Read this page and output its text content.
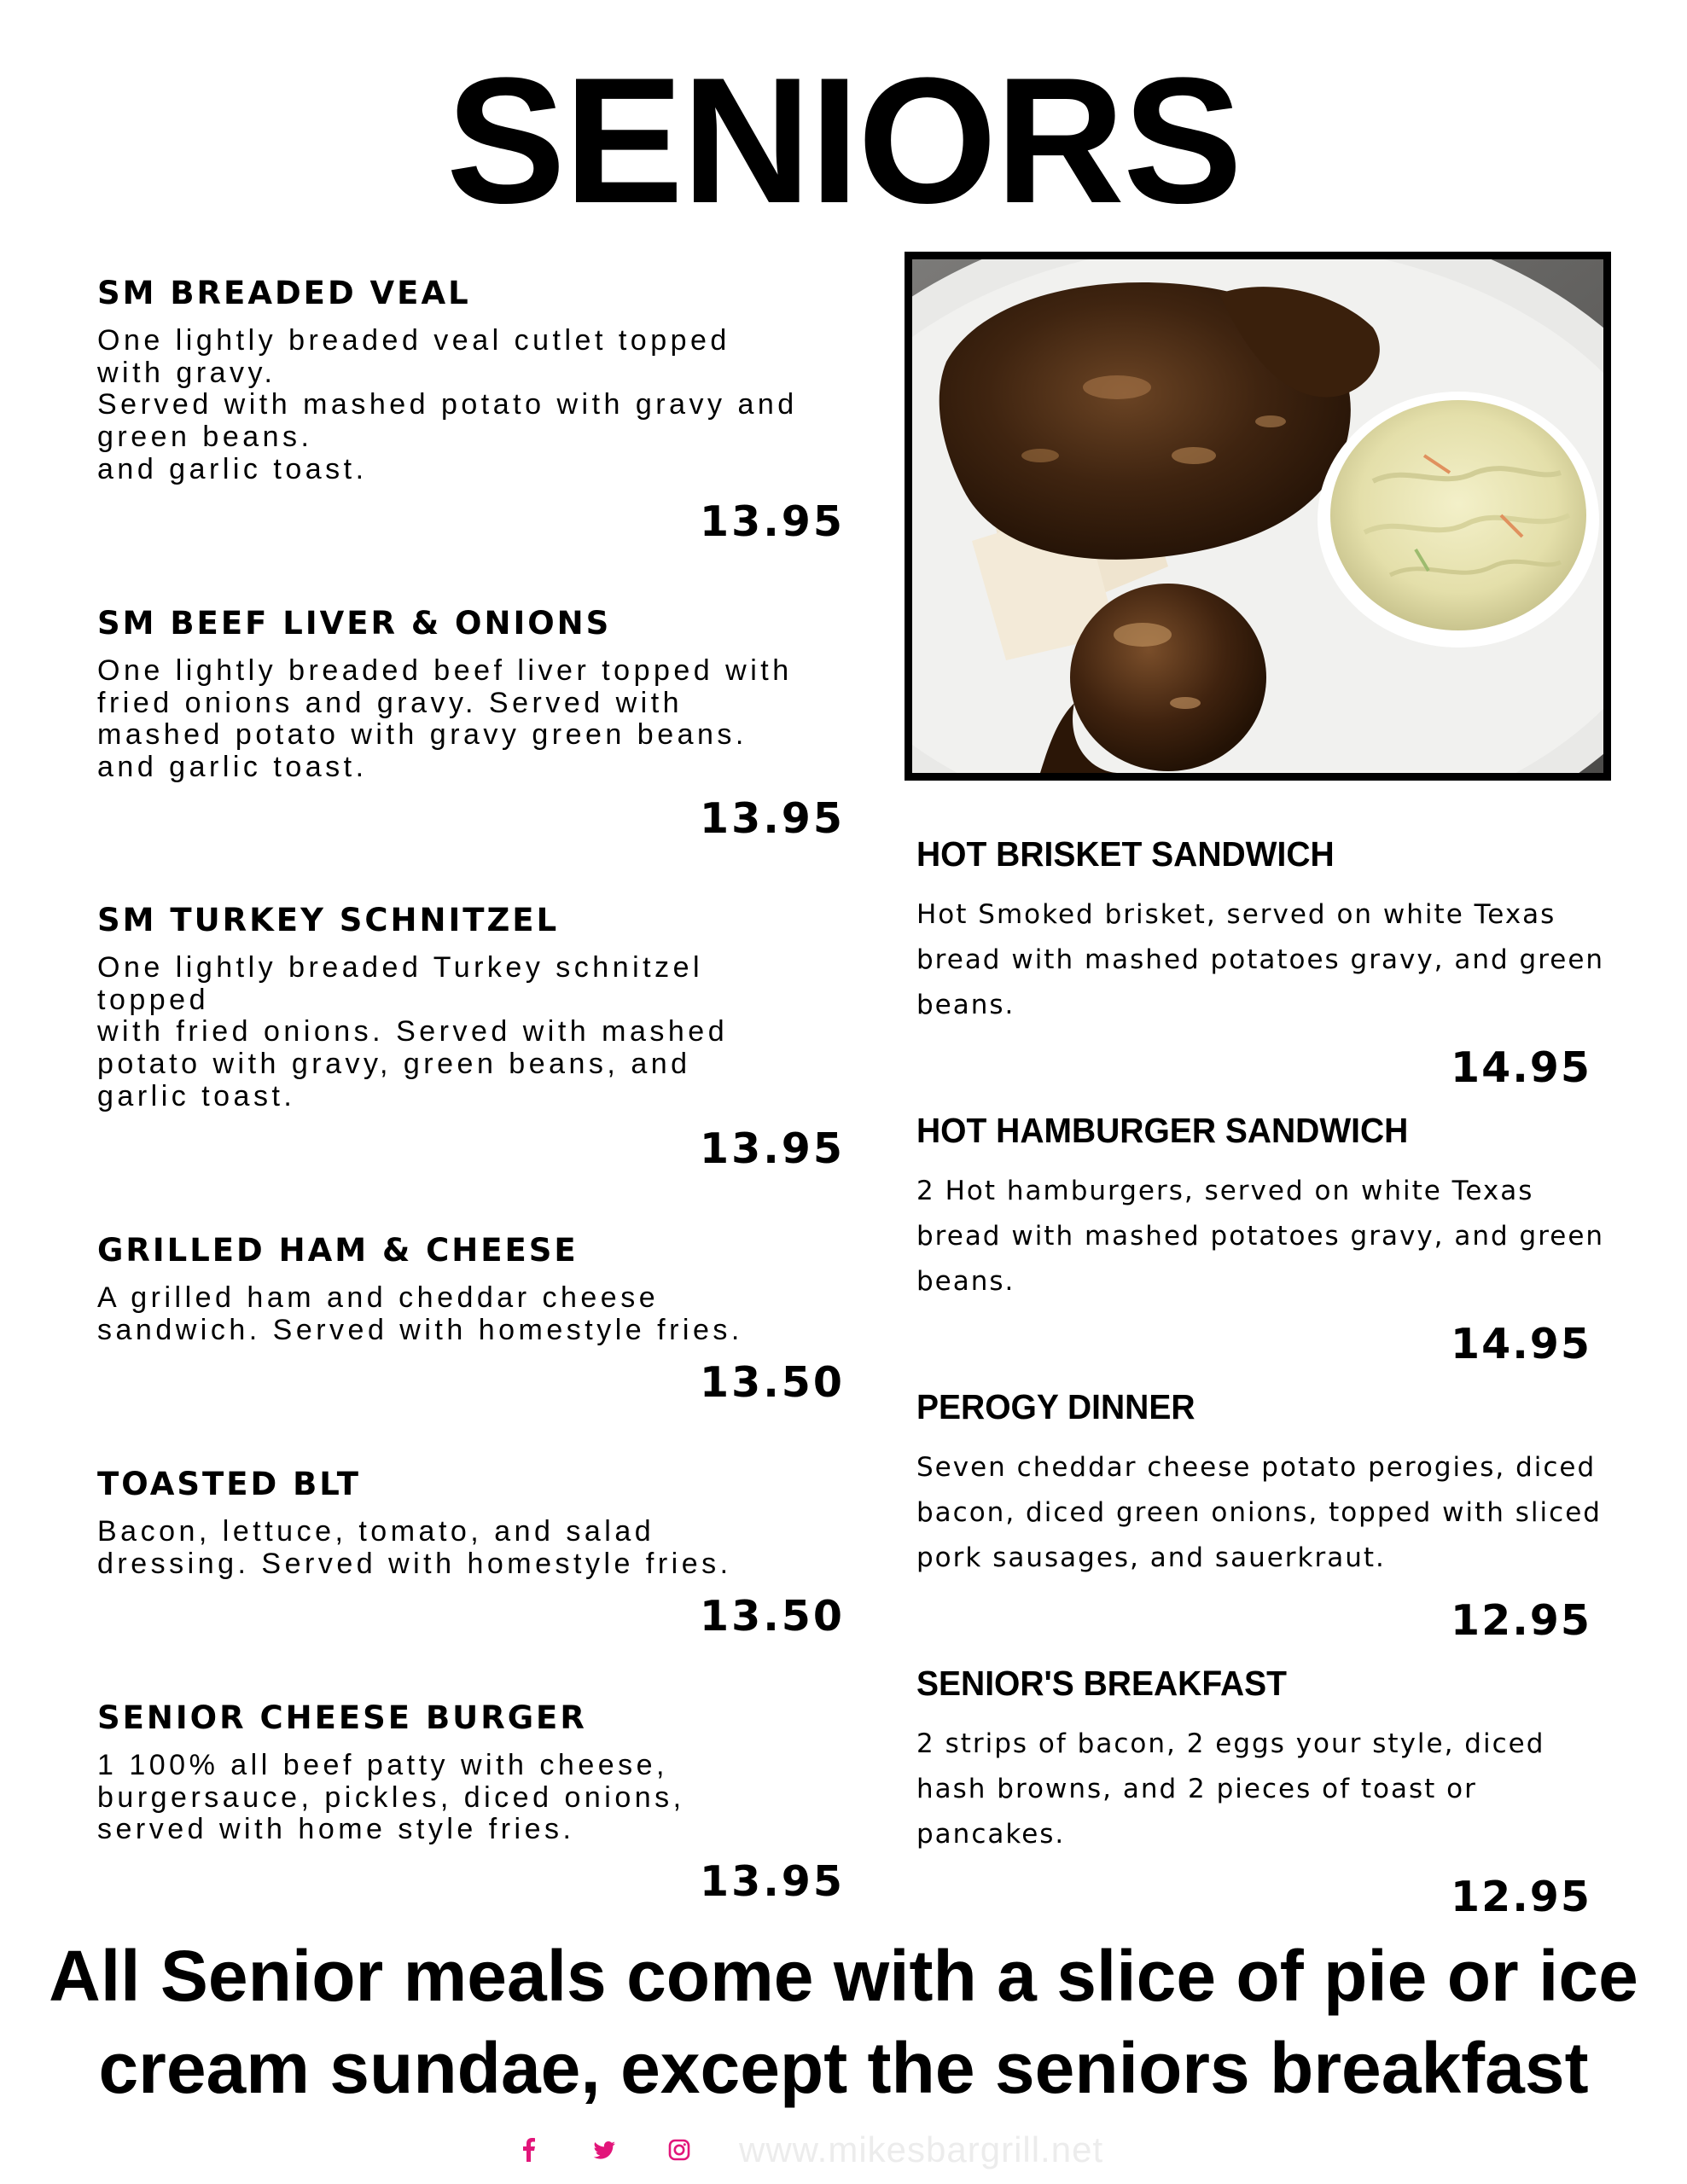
SENIORS
SM BREADED VEAL

One lightly breaded veal cutlet topped
with gravy.
Served with mashed potato with gravy and
green beans.
and garlic toast.

13.95
SM BEEF LIVER & ONIONS

One lightly breaded beef liver topped with
fried onions and gravy. Served with
mashed potato with gravy green beans.
and garlic toast.

13.95
SM TURKEY SCHNITZEL

One lightly breaded Turkey schnitzel
topped
with fried onions. Served with mashed
potato with gravy, green beans, and
garlic toast.

13.95
GRILLED HAM & CHEESE

A grilled ham and cheddar cheese
sandwich. Served with homestyle fries.

13.50
TOASTED BLT

Bacon, lettuce, tomato, and salad
dressing. Served with homestyle fries.

13.50
SENIOR CHEESE BURGER

1 100% all beef patty with cheese,
burgersauce, pickles, diced onions,
served with home style fries.

13.95
HOT BRISKET SANDWICH

Hot Smoked brisket, served on white Texas bread with mashed potatoes gravy, and green beans.

14.95
HOT HAMBURGER SANDWICH

2 Hot hamburgers, served on white Texas bread with mashed potatoes gravy, and green beans.

14.95
PEROGY DINNER

Seven cheddar cheese potato perogies, diced bacon, diced green onions, topped with sliced pork sausages, and sauerkraut.

12.95
SENIOR'S BREAKFAST

2 strips of bacon, 2 eggs your style, diced hash browns, and 2 pieces of toast or pancakes.

12.95

All Senior meals come with a slice of pie or ice cream sundae, except the seniors breakfast

www.mikesbargrill.net
